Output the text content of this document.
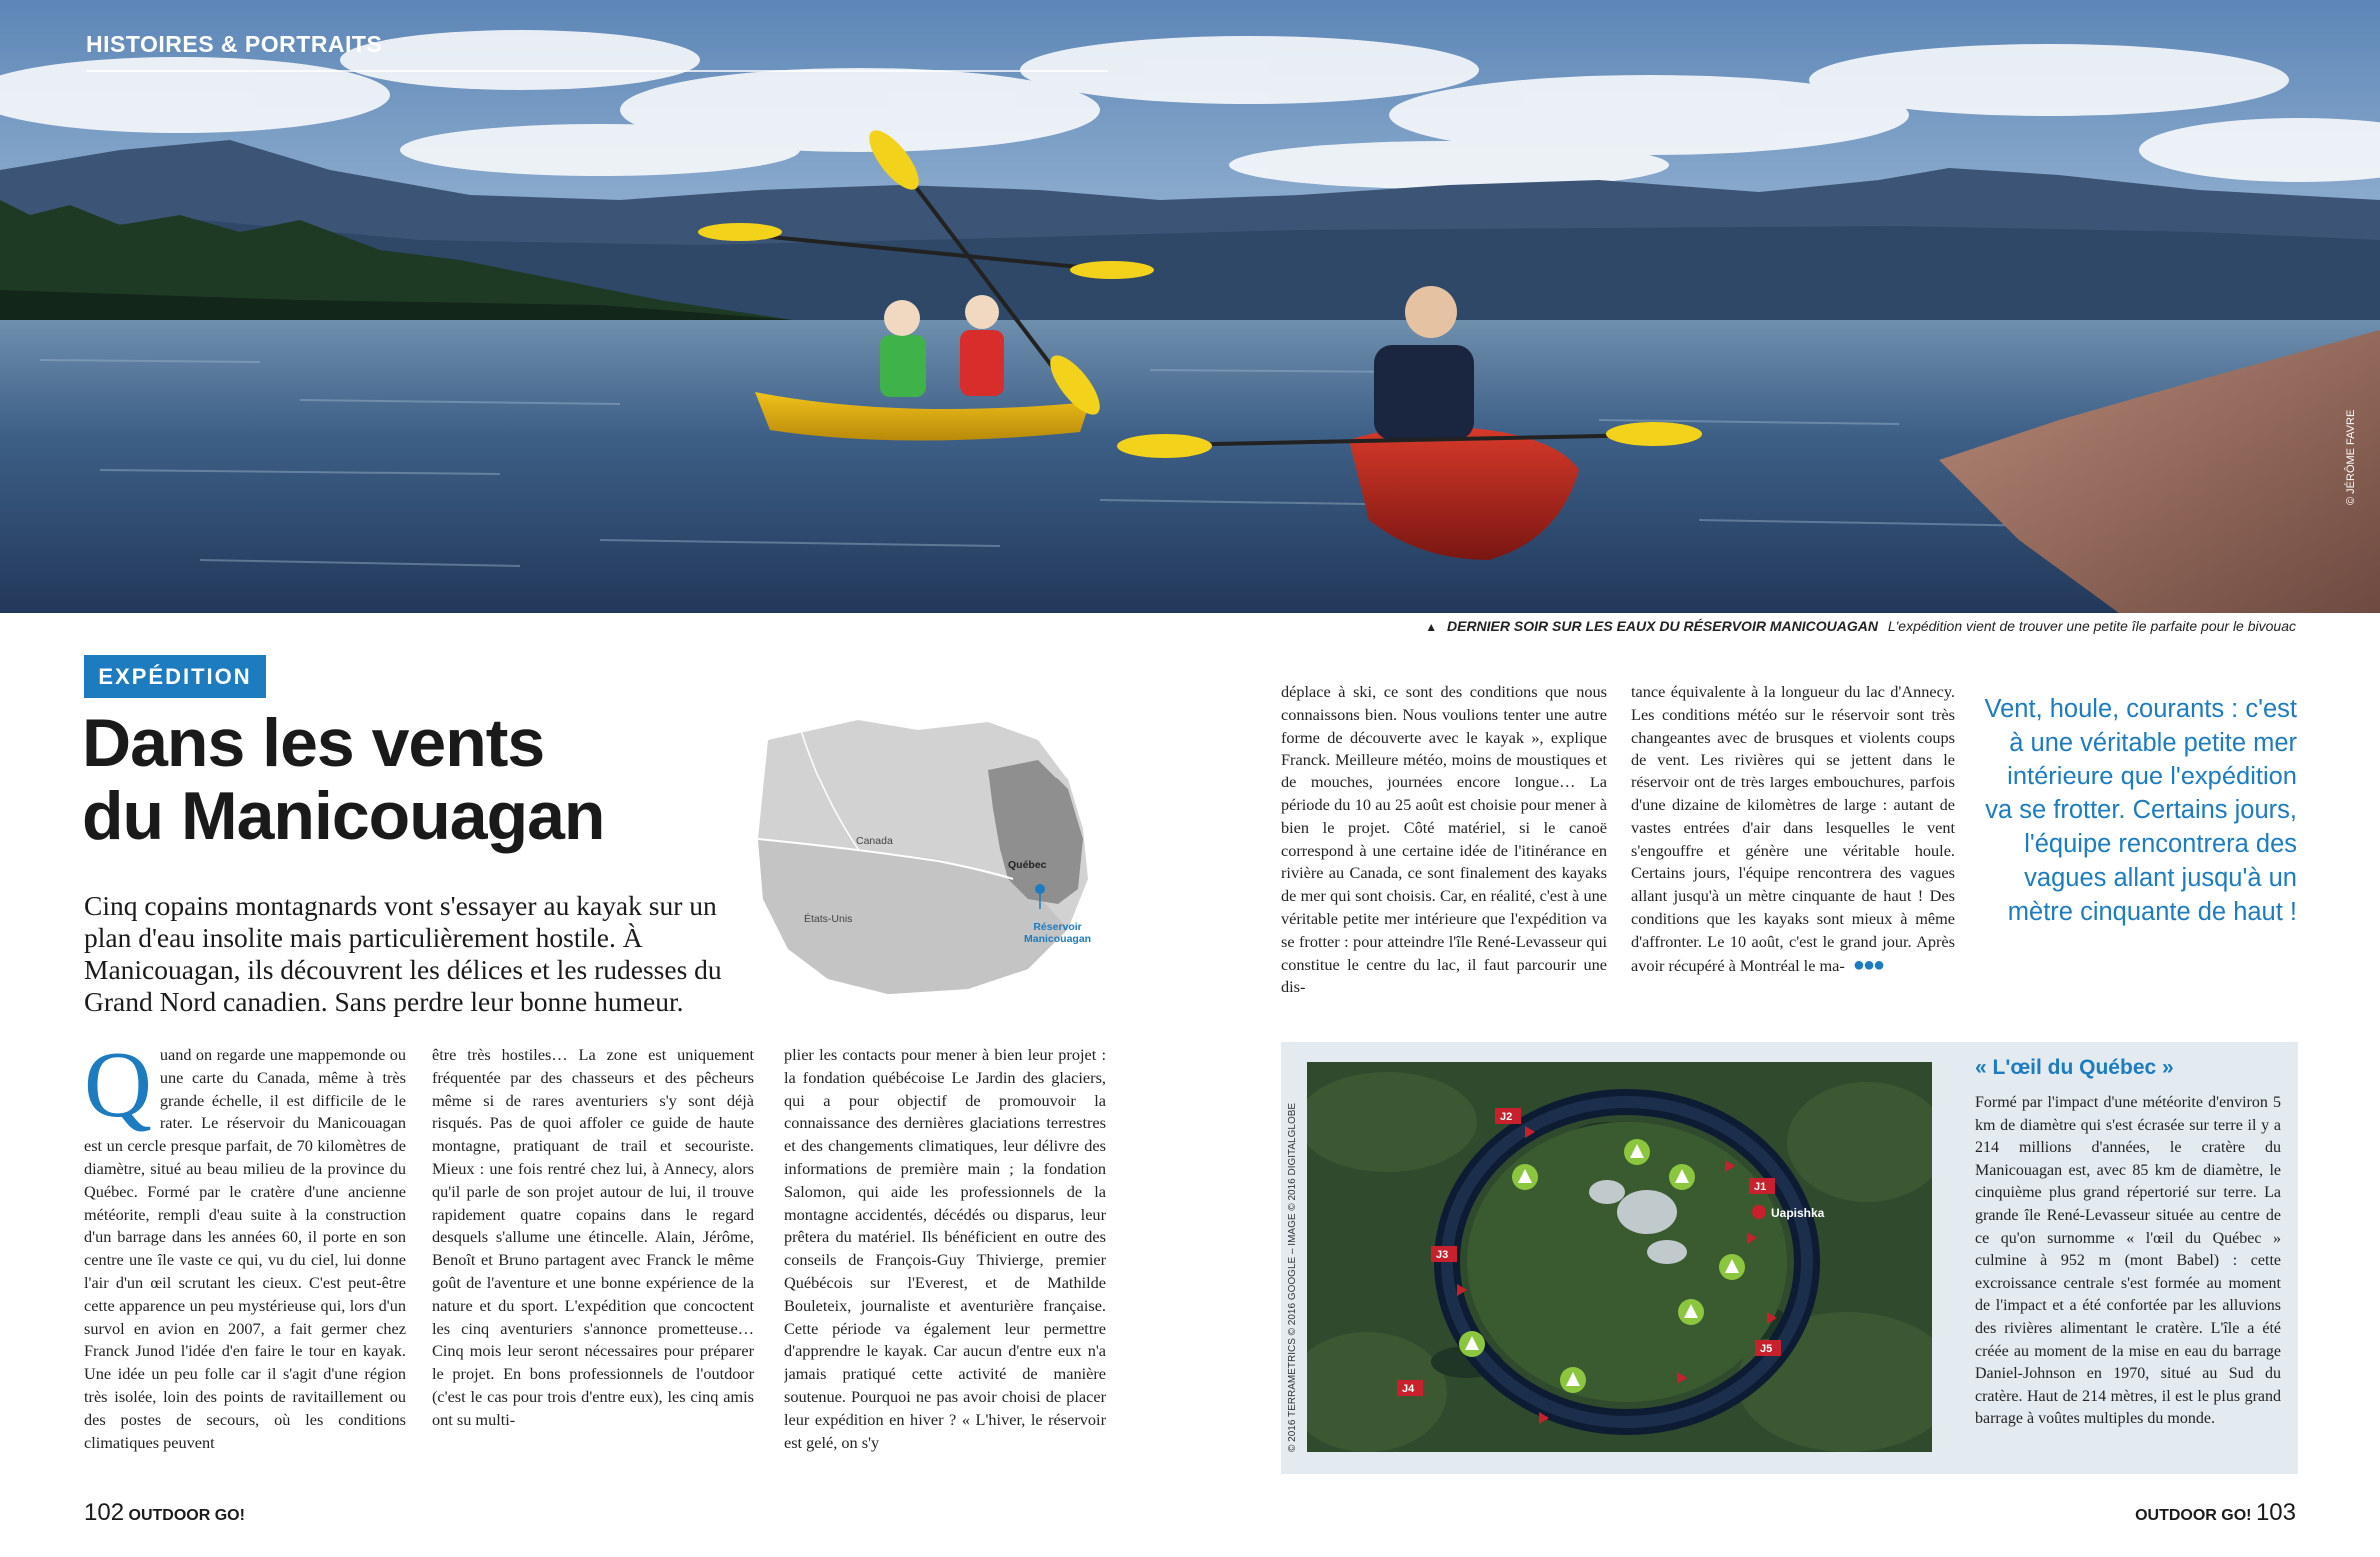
HISTOIRES & PORTRAITS
© JÉRÔME FAVRE
▲ DERNIER SOIR SUR LES EAUX DU RÉSERVOIR MANICOUAGAN L'expédition vient de trouver une petite île parfaite pour le bivouac
EXPÉDITION
Dans les vents
du Manicouagan

Cinq copains montagnards vont s'essayer au kayak sur un plan d'eau insolite mais particulièrement hostile. À Manicouagan, ils découvrent les délices et les rudesses du Grand Nord canadien. Sans perdre leur bonne humeur.

Canada
États-Unis
Québec
Réservoir
Manicouagan
Q uand on regarde une mappemonde ou une carte du Canada, même à très grande échelle, il est difficile de le rater. Le réservoir du Manicouagan est un cercle presque parfait, de 70 kilomètres de diamètre, situé au beau milieu de la province du Québec. Formé par le cratère d'une ancienne météorite, rempli d'eau suite à la construction d'un barrage dans les années 60, il porte en son centre une île vaste ce qui, vu du ciel, lui donne l'air d'un œil scrutant les cieux. C'est peut-être cette apparence un peu mystérieuse qui, lors d'un survol en avion en 2007, a fait germer chez Franck Junod l'idée d'en faire le tour en kayak. Une idée un peu folle car il s'agit d'une région très isolée, loin des points de ravitaillement ou des postes de secours, où les conditions climatiques peuvent
être très hostiles… La zone est uniquement fréquentée par des chasseurs et des pêcheurs même si de rares aventuriers s'y sont déjà risqués. Pas de quoi affoler ce guide de haute montagne, pratiquant de trail et secouriste. Mieux : une fois rentré chez lui, à Annecy, alors qu'il parle de son projet autour de lui, il trouve rapidement quatre copains dans le regard desquels s'allume une étincelle. Alain, Jérôme, Benoît et Bruno partagent avec Franck le même goût de l'aventure et une bonne expérience de la nature et du sport. L'expédition que concoctent les cinq aventuriers s'annonce prometteuse… Cinq mois leur seront nécessaires pour préparer le projet. En bons professionnels de l'outdoor (c'est le cas pour trois d'entre eux), les cinq amis ont su multi-
plier les contacts pour mener à bien leur projet : la fondation québécoise Le Jardin des glaciers, qui a pour objectif de promouvoir la connaissance des dernières glaciations terrestres et des changements climatiques, leur délivre des informations de première main ; la fondation Salomon, qui aide les professionnels de la montagne accidentés, décédés ou disparus, leur prêtera du matériel. Ils bénéficient en outre des conseils de François-Guy Thivierge, premier Québécois sur l'Everest, et de Mathilde Bouleteix, journaliste et aventurière française. Cette période va également leur permettre d'apprendre le kayak. Car aucun d'entre eux n'a jamais pratiqué cette activité de manière soutenue. Pourquoi ne pas avoir choisi de placer leur expédition en hiver ? « L'hiver, le réservoir est gelé, on s'y
déplace à ski, ce sont des conditions que nous connaissons bien. Nous voulions tenter une autre forme de découverte avec le kayak », explique Franck. Meilleure météo, moins de moustiques et de mouches, journées encore longue… La période du 10 au 25 août est choisie pour mener à bien le projet. Côté matériel, si le canoë correspond à une certaine idée de l'itinérance en rivière au Canada, ce sont finalement des kayaks de mer qui sont choisis. Car, en réalité, c'est à une véritable petite mer intérieure que l'expédition va se frotter : pour atteindre l'île René-Levasseur qui constitue le centre du lac, il faut parcourir une dis-
tance équivalente à la longueur du lac d'Annecy. Les conditions météo sur le réservoir sont très changeantes avec de brusques et violents coups de vent. Les rivières qui se jettent dans le réservoir ont de très larges embouchures, parfois d'une dizaine de kilomètres de large : autant de vastes entrées d'air dans lesquelles le vent s'engouffre et génère une véritable houle. Certains jours, l'équipe rencontrera des vagues allant jusqu'à un mètre cinquante de haut ! Des conditions que les kayaks sont mieux à même d'affronter. Le 10 août, c'est le grand jour. Après avoir récupéré à Montréal le ma- ●●●
Vent, houle, courants : c'est à une véritable petite mer intérieure que l'expédition va se frotter. Certains jours, l'équipe rencontrera des vagues allant jusqu'à un mètre cinquante de haut !
J2
J1
J3
J4
J5
Uapishka
© 2016 TERRAMETRICS © 2016 GOOGLE – IMAGE © 2016 DIGITALGLOBE
« L'œil du Québec »

Formé par l'impact d'une météorite d'environ 5 km de diamètre qui s'est écrasée sur terre il y a 214 millions d'années, le cratère du Manicouagan est, avec 85 km de diamètre, le cinquième plus grand répertorié sur terre. La grande île René-Levasseur située au centre de ce qu'on surnomme « l'œil du Québec » culmine à 952 m (mont Babel) : cette excroissance centrale s'est formée au moment de l'impact et a été confortée par les alluvions des rivières alimentant le cratère. L'île a été créée au moment de la mise en eau du barrage Daniel-Johnson en 1970, situé au Sud du cratère. Haut de 214 mètres, il est le plus grand barrage à voûtes multiples du monde.

102 OUTDOOR GO!	OUTDOOR GO! 103
